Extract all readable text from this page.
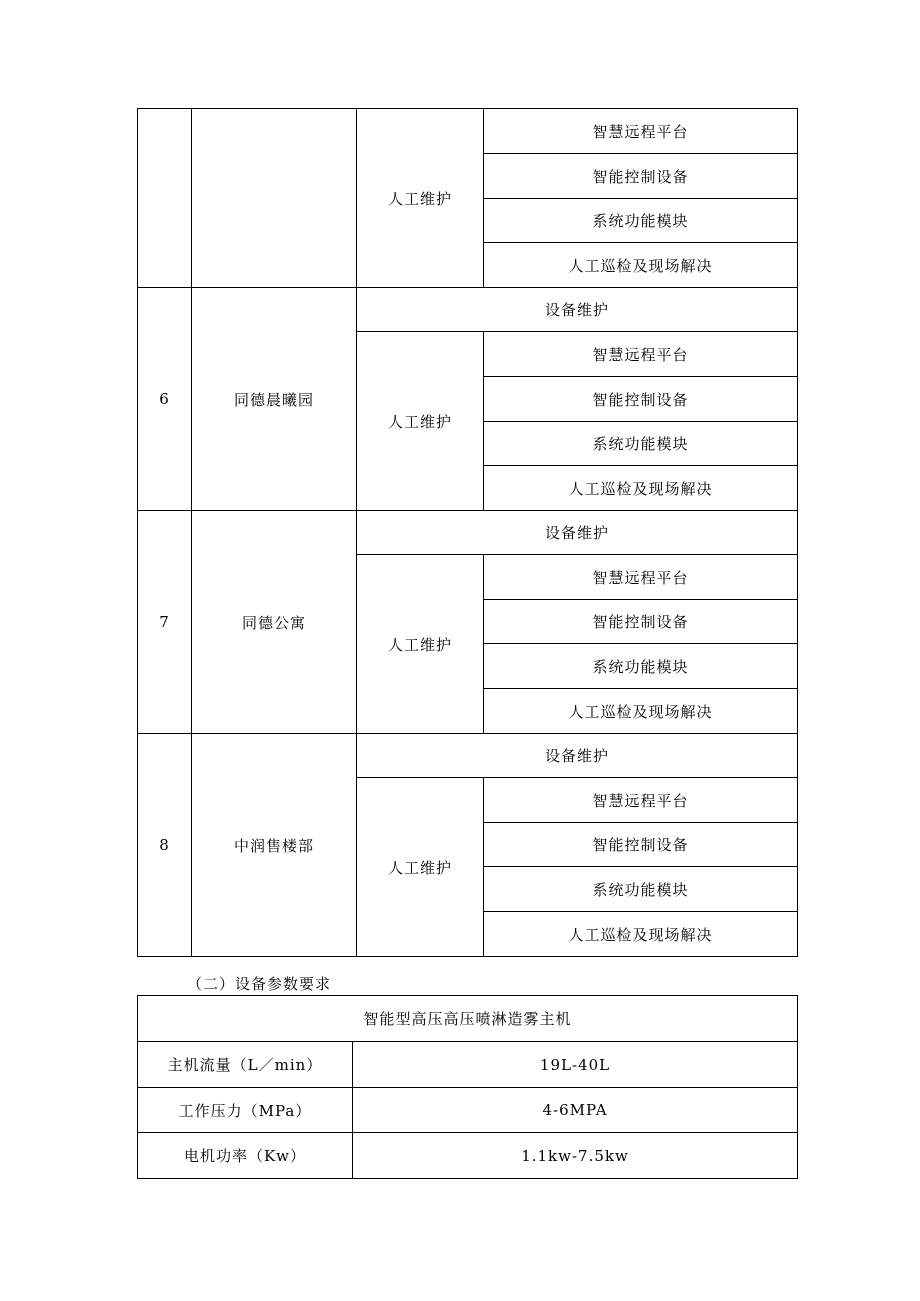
		人工维护	智慧远程平台
			智能控制设备
			系统功能模块
			人工巡检及现场解决
6	同德晨曦园	设备维护	
		人工维护	智慧远程平台
			智能控制设备
			系统功能模块
			人工巡检及现场解决
7	同德公寓	设备维护	
		人工维护	智慧远程平台
			智能控制设备
			系统功能模块
			人工巡检及现场解决
8	中润售楼部	设备维护	
		人工维护	智慧远程平台
			智能控制设备
			系统功能模块
			人工巡检及现场解决
（二）设备参数要求
智能型高压高压喷淋造雾主机	
主机流量（L／min）	19L-40L
工作压力（MPa）	4-6MPA
电机功率（Kw）	1.1kw-7.5kw
